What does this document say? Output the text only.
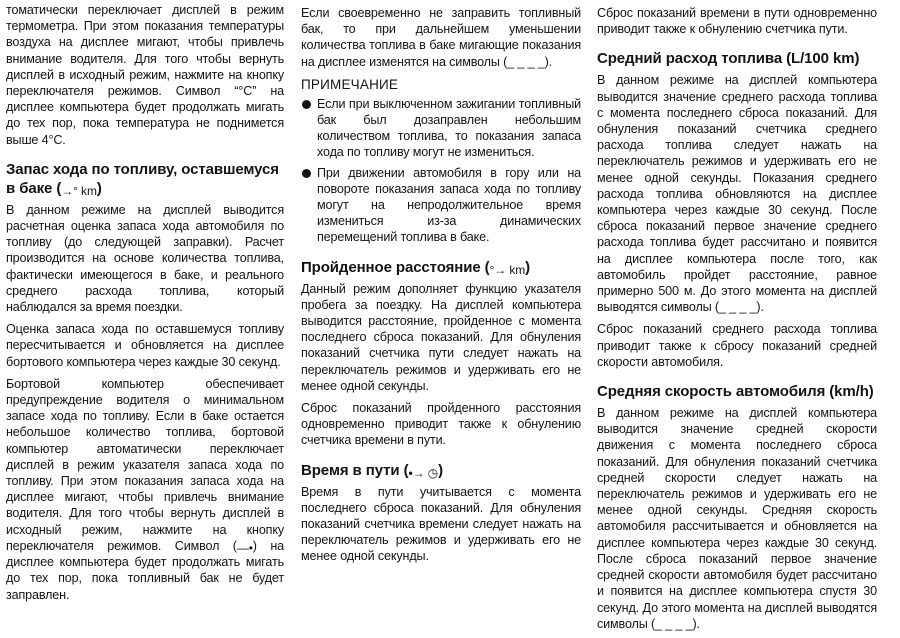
томатически переключает дисплей в режим термометра. При этом показания температуры воздуха на дисплее мигают, чтобы привлечь внимание водителя. Для того чтобы вернуть дисплей в исходный режим, нажмите на кнопку переключателя режимов. Символ “°C” на дисплее компьютера будет продолжать мигать до тех пор, пока температура не поднимется выше 4°C.

Запас хода по топливу, оставшемуся в баке (→° km)

В данном режиме на дисплей выводится расчетная оценка запаса хода автомобиля по топливу (до следующей заправки). Расчет производится на основе количества топлива, фактически имеющегося в баке, и реального среднего расхода топлива, который наблюдался за время поездки.

Оценка запаса хода по оставшемуся топливу пересчитывается и обновляется на дисплее бортового компьютера через каждые 30 секунд.

Бортовой компьютер обеспечивает предупреждение водителя о минимальном запасе хода по топливу. Если в баке остается небольшое количество топлива, бортовой компьютер автоматически переключает дисплей в режим указателя запаса хода по топливу. При этом показания запаса хода на дисплее мигают, чтобы привлечь внимание водителя. Для того чтобы вернуть дисплей в исходный режим, нажмите на кнопку переключателя режимов. Символ (—•) на дисплее компьютера будет продолжать мигать до тех пор, пока топливный бак не будет заправлен.

Если своевременно не заправить топливный бак, то при дальнейшем уменьшении количества топлива в баке мигающие показания на дисплее изменятся на символы (_ _ _ _).

ПРИМЕЧАНИЕ
Если при выключенном зажигании топливный бак был дозаправлен небольшим количеством топлива, то показания запаса хода по топливу могут не измениться.
При движении автомобиля в гору или на повороте показания запаса хода по топливу могут на непродолжительное время измениться из-за динамических перемещений топлива в баке.
Пройденное расстояние (°→ km)

Данный режим дополняет функцию указателя пробега за поездку. На дисплей компьютера выводится расстояние, пройденное с момента последнего сброса показаний. Для обнуления показаний счетчика пути следует нажать на переключатель режимов и удерживать его не менее одной секунды.

Сброс показаний пройденного расстояния одновременно приводит также к обнулению счетчика времени в пути.

Время в пути (•→ ◷)

Время в пути учитывается с момента последнего сброса показаний. Для обнуления показаний счетчика времени следует нажать на переключатель режимов и удерживать его не менее одной секунды.

Сброс показаний времени в пути одновременно приводит также к обнулению счетчика пути.

Средний расход топлива (L/100 km)

В данном режиме на дисплей компьютера выводится значение среднего расхода топлива с момента последнего сброса показаний. Для обнуления показаний счетчика среднего расхода топлива следует нажать на переключатель режимов и удерживать его не менее одной секунды. Показания среднего расхода топлива обновляются на дисплее компьютера через каждые 30 секунд. После сброса показаний первое значение среднего расхода топлива будет рассчитано и появится на дисплее компьютера после того, как автомобиль пройдет расстояние, равное примерно 500 м. До этого момента на дисплей выводятся символы (_ _ _ _).

Сброс показаний среднего расхода топлива приводит также к сбросу показаний средней скорости автомобиля.

Средняя скорость автомобиля (km/h)

В данном режиме на дисплей компьютера выводится значение средней скорости движения с момента последнего сброса показаний. Для обнуления показаний счетчика средней скорости следует нажать на переключатель режимов и удерживать его не менее одной секунды. Средняя скорость автомобиля рассчитывается и обновляется на дисплее компьютера через каждые 30 секунд. После сброса показаний первое значение средней скорости автомобиля будет рассчитано и появится на дисплее компьютера спустя 30 секунд. До этого момента на дисплей выводятся символы (_ _ _ _).
